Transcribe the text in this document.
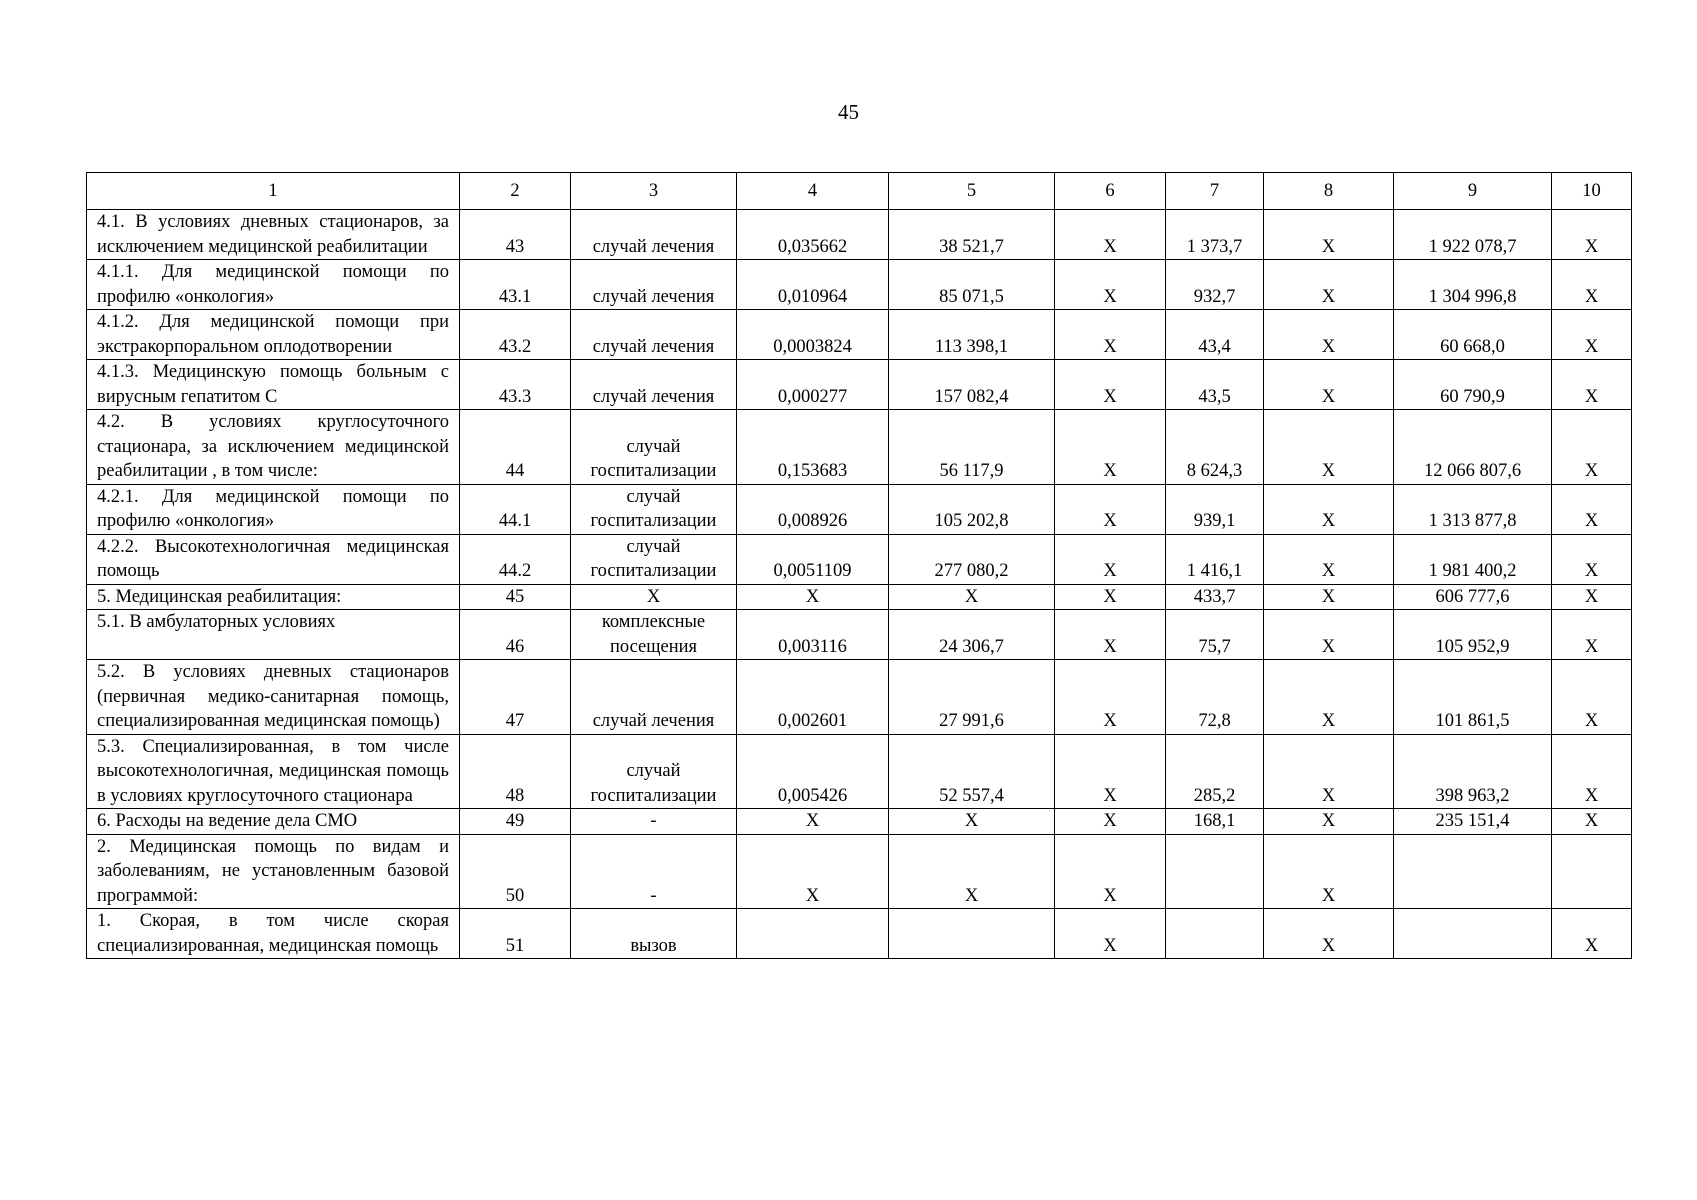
45
1	2	3	4	5	6	7	8	9	10
4.1. В условиях дневных стационаров, за исключением медицинской реабилитации	43	случай лечения	0,035662	38 521,7	Х	1 373,7	Х	1 922 078,7	Х
4.1.1. Для медицинской помощи по профилю «онкология»	43.1	случай лечения	0,010964	85 071,5	Х	932,7	Х	1 304 996,8	Х
4.1.2. Для медицинской помощи при экстракорпоральном оплодотворении	43.2	случай лечения	0,0003824	113 398,1	Х	43,4	Х	60 668,0	Х
4.1.3. Медицинскую помощь больным с вирусным гепатитом С	43.3	случай лечения	0,000277	157 082,4	Х	43,5	Х	60 790,9	Х
4.2. В условиях круглосуточного стационара, за исключением медицинской реабилитации , в том числе:	44	случай госпитализации	0,153683	56 117,9	Х	8 624,3	Х	12 066 807,6	Х
4.2.1. Для медицинской помощи по профилю «онкология»	44.1	случай госпитализации	0,008926	105 202,8	Х	939,1	Х	1 313 877,8	Х
4.2.2. Высокотехнологичная медицинская помощь	44.2	случай госпитализации	0,0051109	277 080,2	Х	1 416,1	Х	1 981 400,2	Х
5. Медицинская реабилитация:	45	Х	Х	Х	Х	433,7	Х	606 777,6	Х
5.1. В амбулаторных условиях	46	комплексные посещения	0,003116	24 306,7	Х	75,7	Х	105 952,9	Х
5.2. В условиях дневных стационаров (первичная медико-санитарная помощь, специализированная медицинская помощь)	47	случай лечения	0,002601	27 991,6	Х	72,8	Х	101 861,5	Х
5.3. Специализированная, в том числе высокотехнологичная, медицинская помощь в условиях круглосуточного стационара	48	случай госпитализации	0,005426	52 557,4	Х	285,2	Х	398 963,2	Х
6. Расходы на ведение дела СМО	49	-	Х	Х	Х	168,1	Х	235 151,4	Х
2. Медицинская помощь по видам и заболеваниям, не установленным базовой программой:	50	-	Х	Х	Х		Х		
1. Скорая, в том числе скорая специализированная, медицинская помощь	51	вызов			Х		Х		Х
